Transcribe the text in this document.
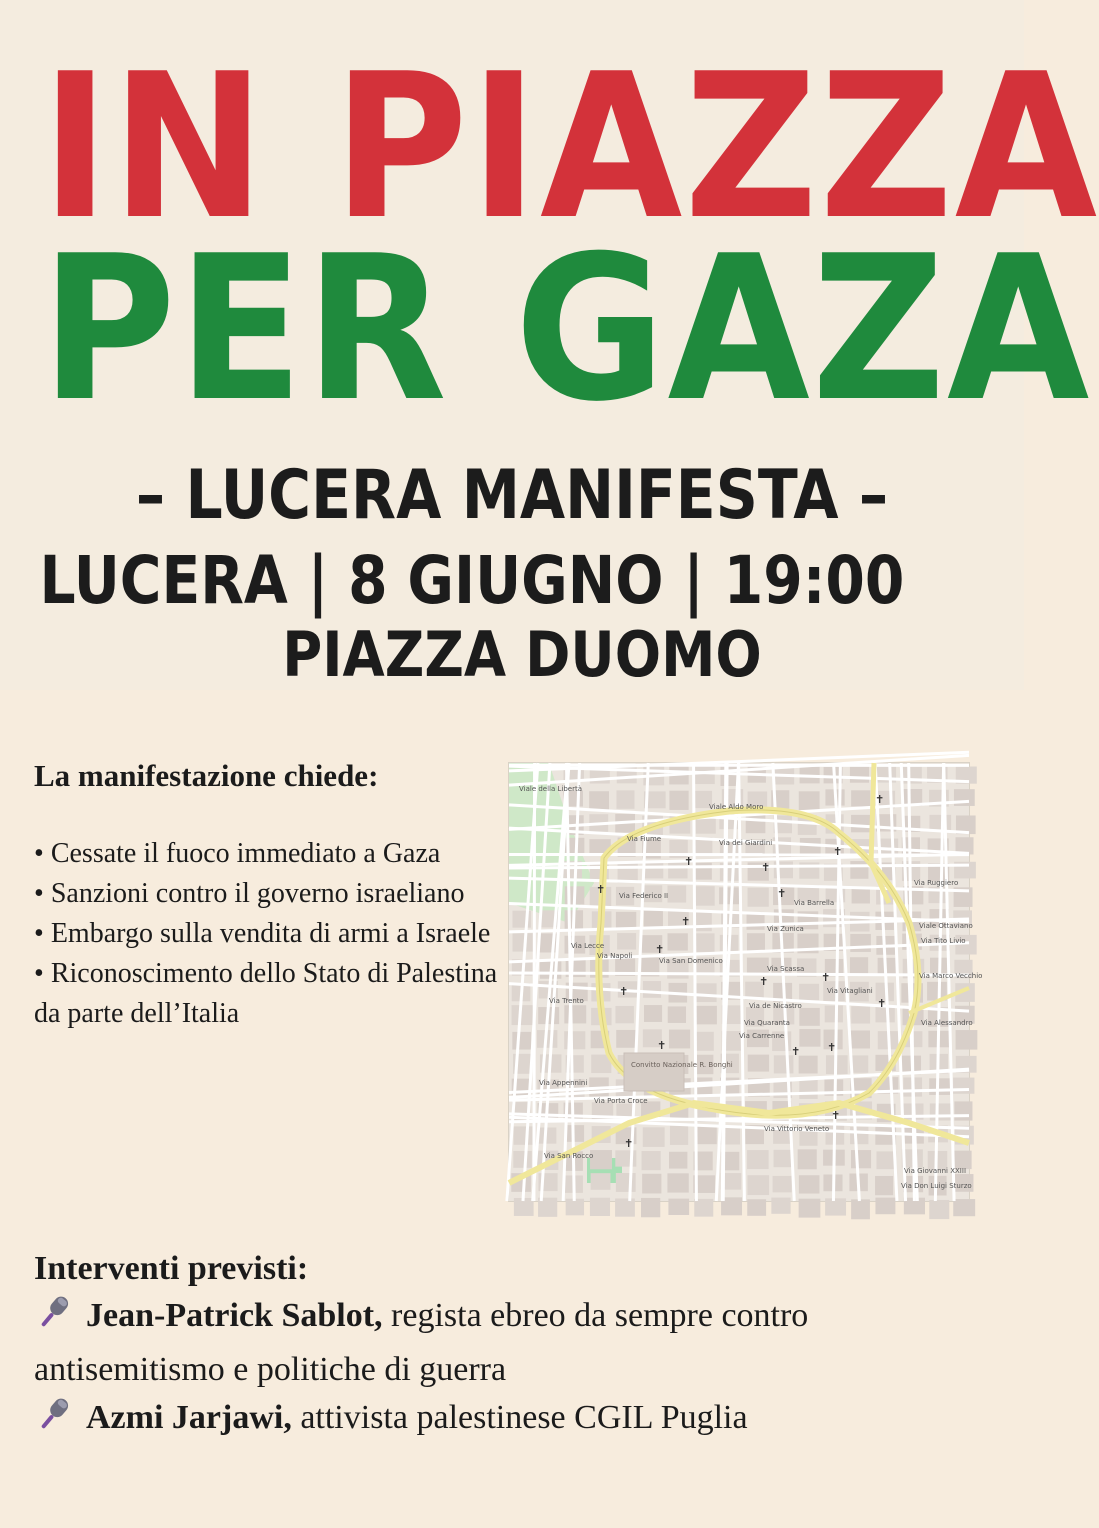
IN PIAZZA
PER GAZA
– LUCERA MANIFESTA –
LUCERA | 8 GIUGNO | 19:00
PIAZZA DUOMO
La manifestazione chiede:
• Cessate il fuoco immediato a Gaza
• Sanzioni contro il governo israeliano
• Embargo sulla vendita di armi a Israele
• Riconoscimento dello Stato di Palestina da parte dell’Italia
Convitto Nazionale R. Bonghi
Viale Aldo Moro
Via Fiume	Via dei Giardini
Via Federico II
Via Barrella
Via Napoli
Via San Domenico
Via Zunica
Via Scassa
Via de Nicastro
Via Vittorio Veneto
Via Porta Croce
Via Appennini
Via San Rocco
Via Ruggiero
Viale Ottaviano
Via Tito Livio
Via Marco Vecchio
Via Alessandro
Via Giovanni XXIII
Via Don Luigi Sturzo
Via Carrenne
Via Quaranta
Via Vitagliani
Viale della Libertà
Via Lecce
Via Trento
✝	✝
✝
✝
✝
✝
✝
✝
✝
✝	✝
✝
✝	✝ ✝
✝
✝
Interventi previsti:

Jean-Patrick Sablot, regista ebreo da sempre contro antisemitismo e politiche di guerra

Azmi Jarjawi, attivista palestinese CGIL Puglia
